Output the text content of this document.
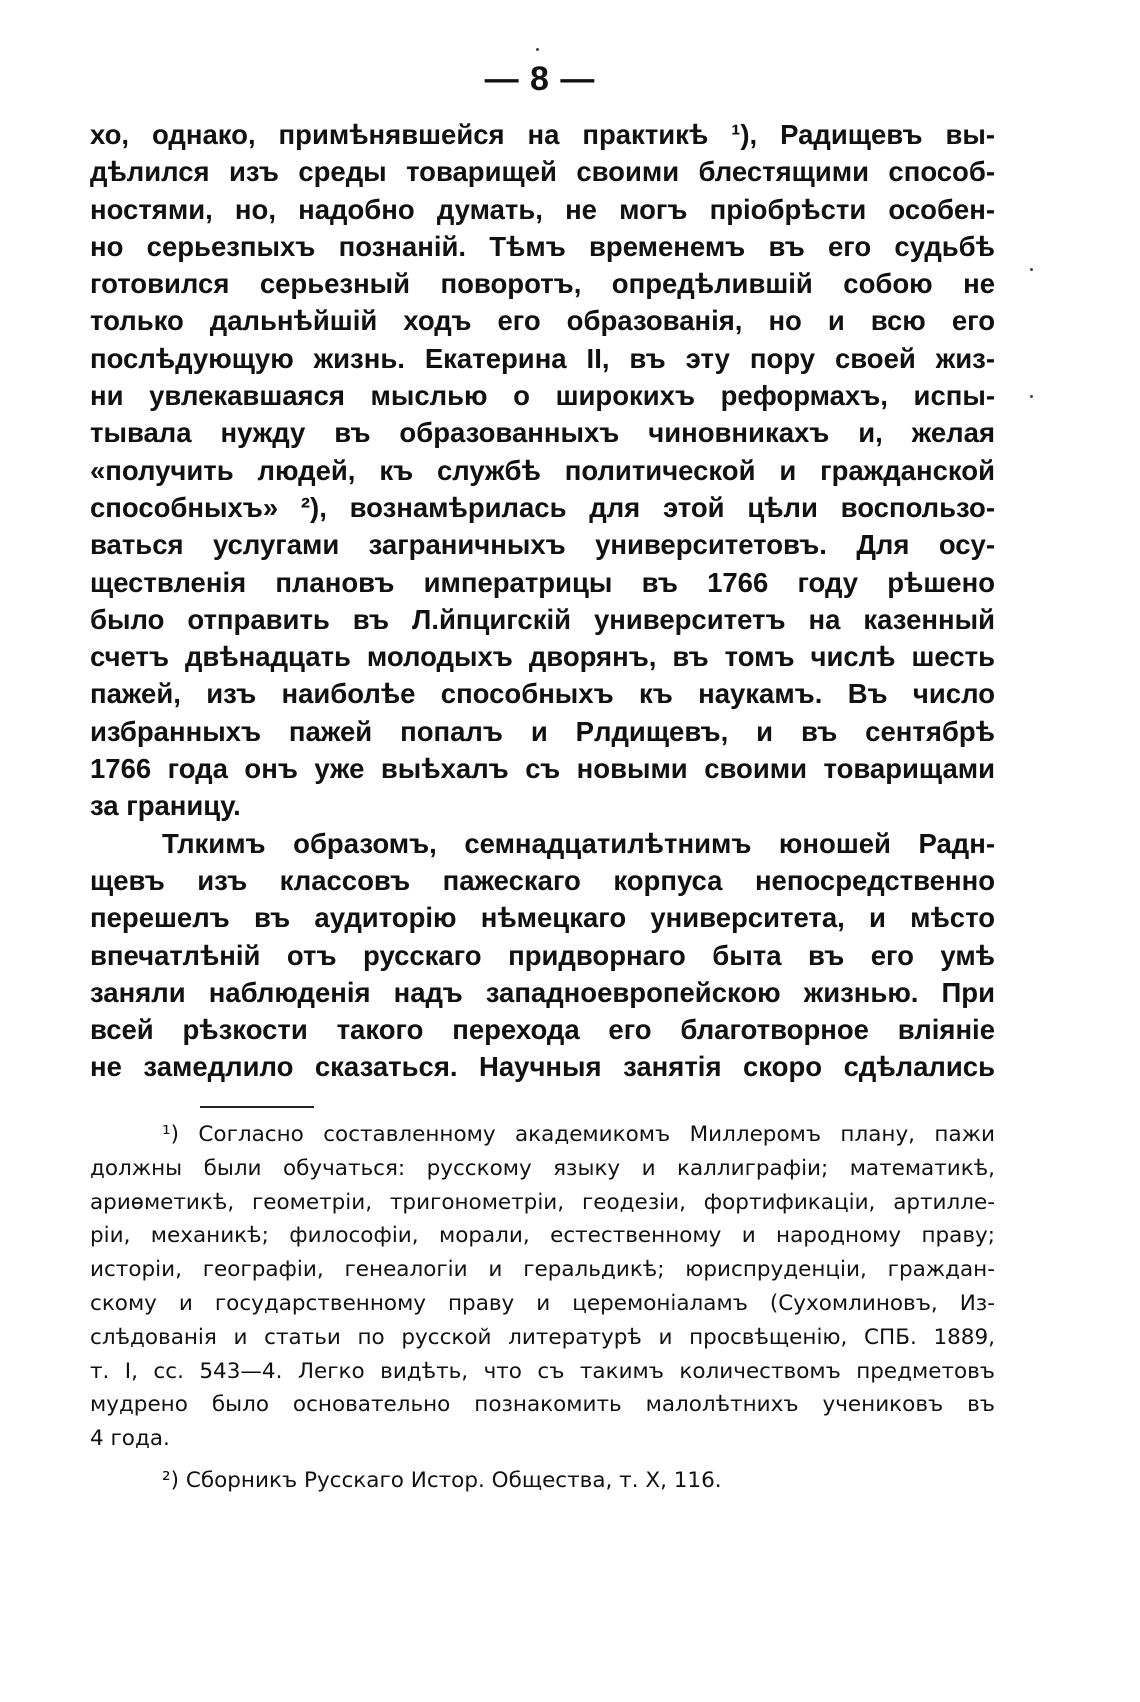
— 8 —
хо, однако, примѣнявшейся на практикѣ ¹), Радищевъ вы-
дѣлился изъ среды товарищей своими блестящими способ-
ностями, но, надобно думать, не могъ пріобрѣсти особен-
но серьезпыхъ познаній. Тѣмъ временемъ въ его судьбѣ
готовился серьезный поворотъ, опредѣлившій собою не
только дальнѣйшій ходъ его образованія, но и всю его
послѣдующую жизнь. Екатерина II, въ эту пору своей жиз-
ни увлекавшаяся мыслью о широкихъ реформахъ, испы-
тывала нужду въ образованныхъ чиновникахъ и, желая
«получить людей, къ службѣ политической и гражданской
способныхъ» ²), вознамѣрилась для этой цѣли воспользо-
ваться услугами заграничныхъ университетовъ. Для осу-
ществленія плановъ императрицы въ 1766 году рѣшено
было отправить въ Л.йпцигскій университетъ на казенный
счетъ двѣнадцать молодыхъ дворянъ, въ томъ числѣ шесть
пажей, изъ наиболѣе способныхъ къ наукамъ. Въ число
избранныхъ пажей попалъ и Рлдищевъ, и въ сентябрѣ
1766 года онъ уже выѣхалъ съ новыми своими товарищами
за границу.
Тлкимъ образомъ, семнадцатилѣтнимъ юношей Радн-
щевъ изъ классовъ пажескаго корпуса непосредственно
перешелъ въ аудиторію нѣмецкаго университета, и мѣсто
впечатлѣній отъ русскаго придворнаго быта въ его умѣ
заняли наблюденія надъ западноевропейскою жизнью. При
всей рѣзкости такого перехода его благотворное вліяніе
не замедлило сказаться. Научныя занятія скоро сдѣлались
¹) Согласно составленному академикомъ Миллеромъ плану, пажи
должны были обучаться: русскому языку и каллиграфіи; математикѣ,
ариѳметикѣ, геометріи, тригонометріи, геодезіи, фортификаціи, артилле-
ріи, механикѣ; философіи, морали, естественному и народному праву;
исторіи, географіи, генеалогіи и геральдикѣ; юриспруденціи, граждан-
скому и государственному праву и церемоніаламъ (Сухомлиновъ, Из-
слѣдованія и статьи по русской литературѣ и просвѣщенію, СПБ. 1889,
т. I, сс. 543—4. Легко видѣть, что съ такимъ количествомъ предметовъ
мудрено было основательно познакомить малолѣтнихъ учениковъ въ
4 года.
²) Сборникъ Русскаго Истор. Общества, т. X, 116.
